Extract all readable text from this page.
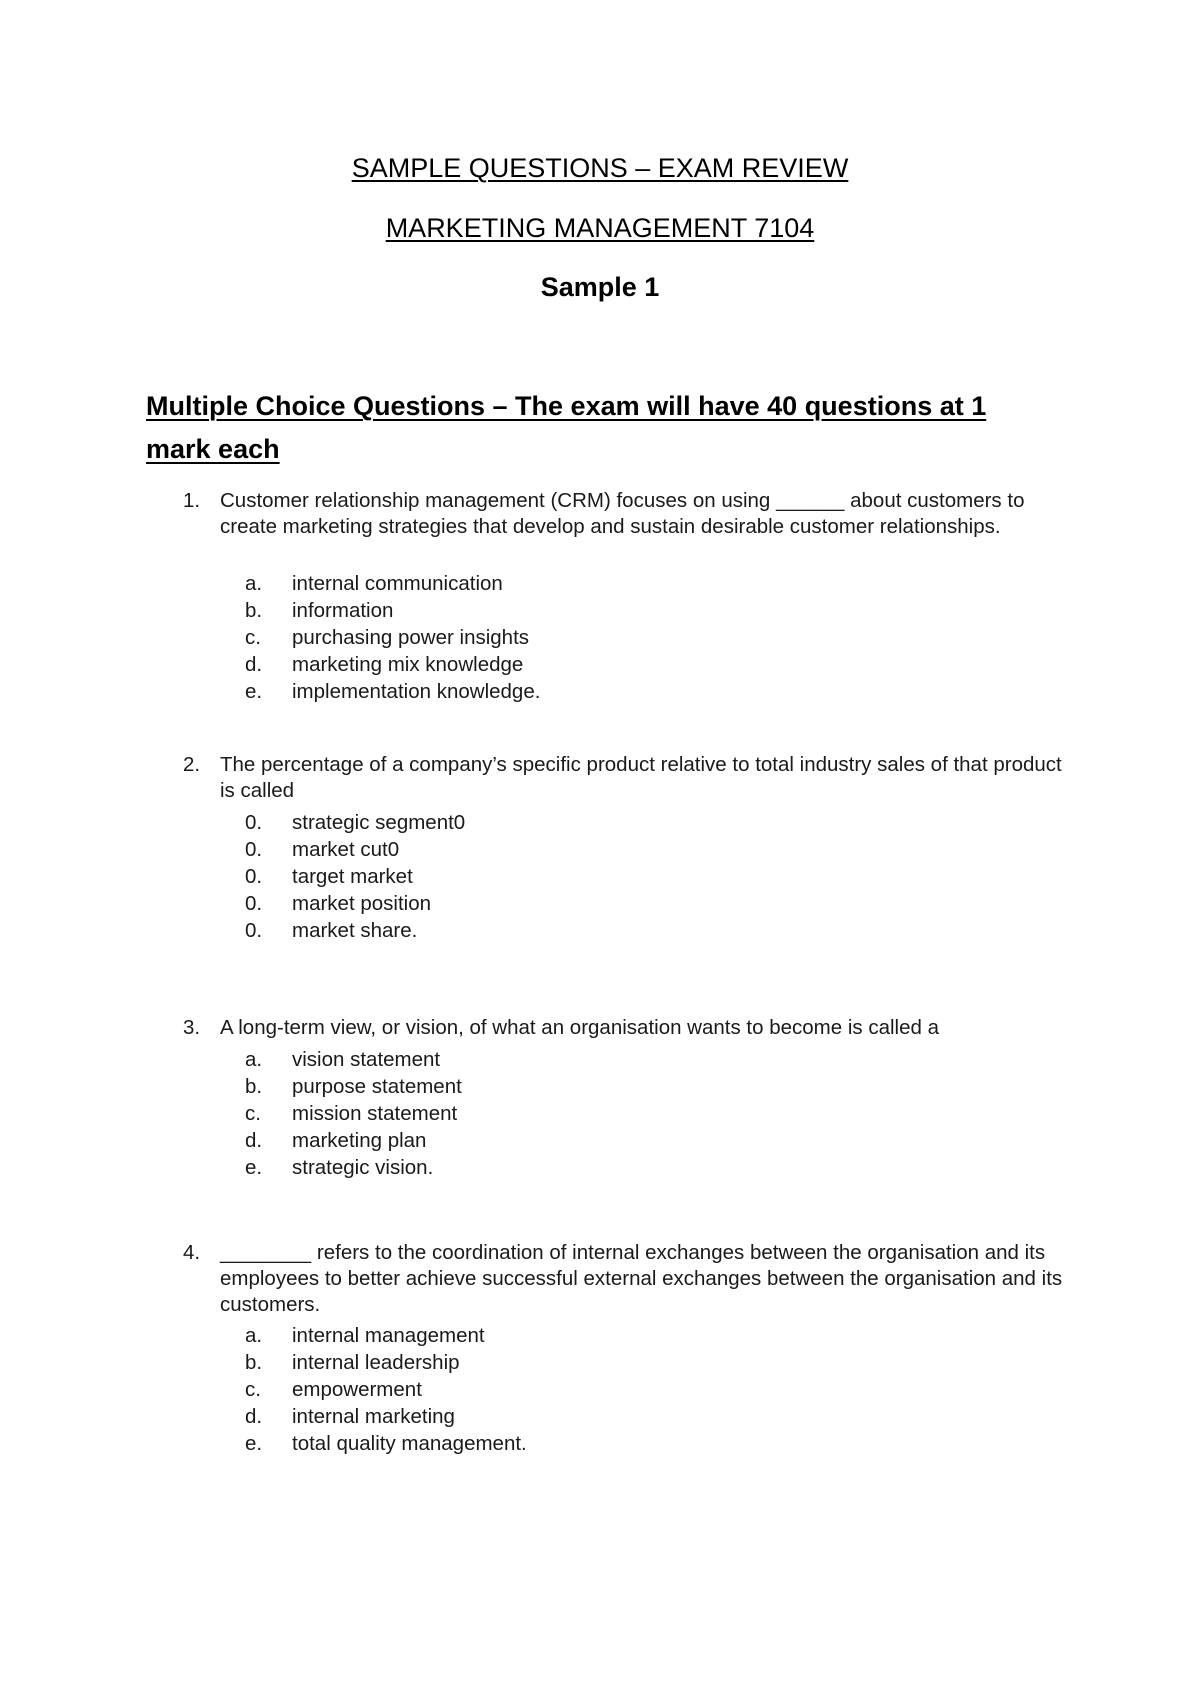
SAMPLE QUESTIONS – EXAM REVIEW
MARKETING MANAGEMENT 7104
Sample 1
Multiple Choice Questions – The exam will have 40 questions at 1 mark each
1. Customer relationship management (CRM) focuses on using ______ about customers to create marketing strategies that develop and sustain desirable customer relationships.
a. internal communication
b. information
c. purchasing power insights
d. marketing mix knowledge
e. implementation knowledge.
2. The percentage of a company’s specific product relative to total industry sales of that product is called
0. strategic segment0
0. market cut0
0. target market
0. market position
0. market share.
3. A long-term view, or vision, of what an organisation wants to become is called a
a. vision statement
b. purpose statement
c. mission statement
d. marketing plan
e. strategic vision.
4. ________ refers to the coordination of internal exchanges between the organisation and its employees to better achieve successful external exchanges between the organisation and its customers.
a. internal management
b. internal leadership
c. empowerment
d. internal marketing
e. total quality management.
